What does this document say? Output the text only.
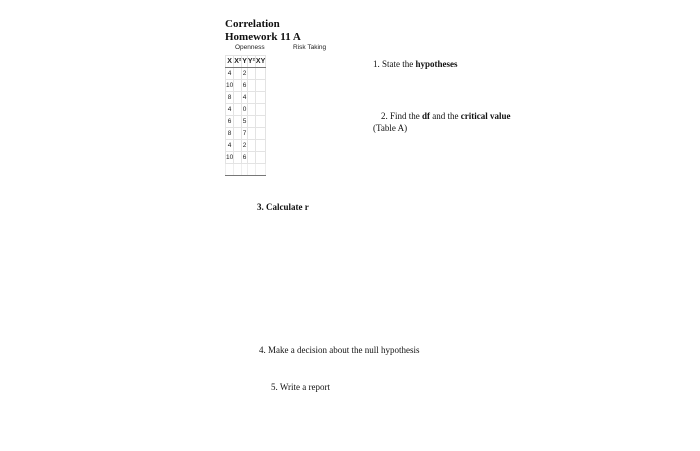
Correlation
Homework 11 A
Openness	Risk Taking
X	X²	Y	Y²	XY
4		2		
10		6		
8		4		
4		0		
6		5		
8		7		
4		2		
10		6		

1. State the hypotheses
2. Find the df and the critical value
(Table A)
3. Calculate r
4. Make a decision about the null hypothesis
5. Write a report
